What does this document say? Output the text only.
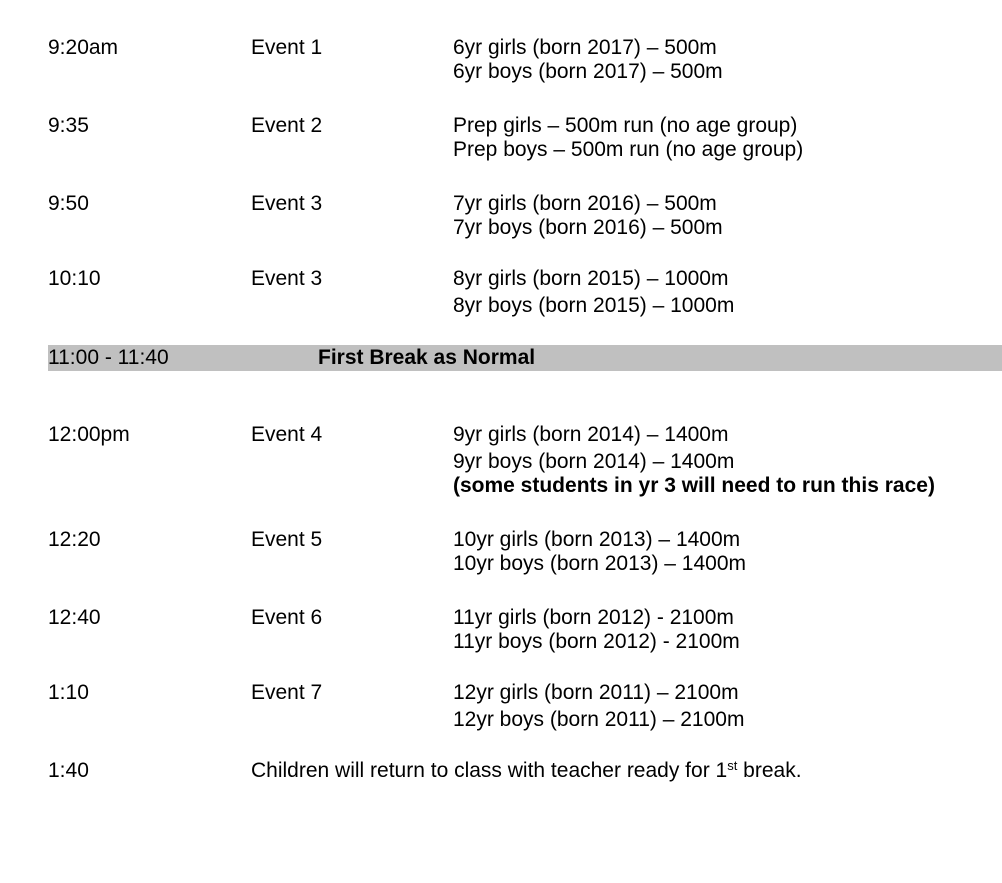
9:20am	Event 1	6yr girls (born 2017) – 500m
6yr boys (born 2017) – 500m
9:35	Event 2	Prep girls – 500m run (no age group)
Prep boys – 500m run (no age group)
9:50	Event 3	7yr girls (born 2016) – 500m
7yr boys (born 2016) – 500m
10:10	Event 3	8yr girls (born 2015) – 1000m
8yr boys (born 2015) – 1000m
11:00 - 11:40	First Break as Normal
12:00pm	Event 4	9yr girls (born 2014) – 1400m
9yr boys (born 2014) – 1400m
(some students in yr 3 will need to run this race)
12:20	Event 5	10yr girls (born 2013) – 1400m
10yr boys (born 2013) – 1400m
12:40	Event 6	11yr girls (born 2012) - 2100m
11yr boys (born 2012) - 2100m
1:10	Event 7	12yr girls (born 2011) – 2100m
12yr boys (born 2011) – 2100m
1:40	Children will return to class with teacher ready for 1st break.
